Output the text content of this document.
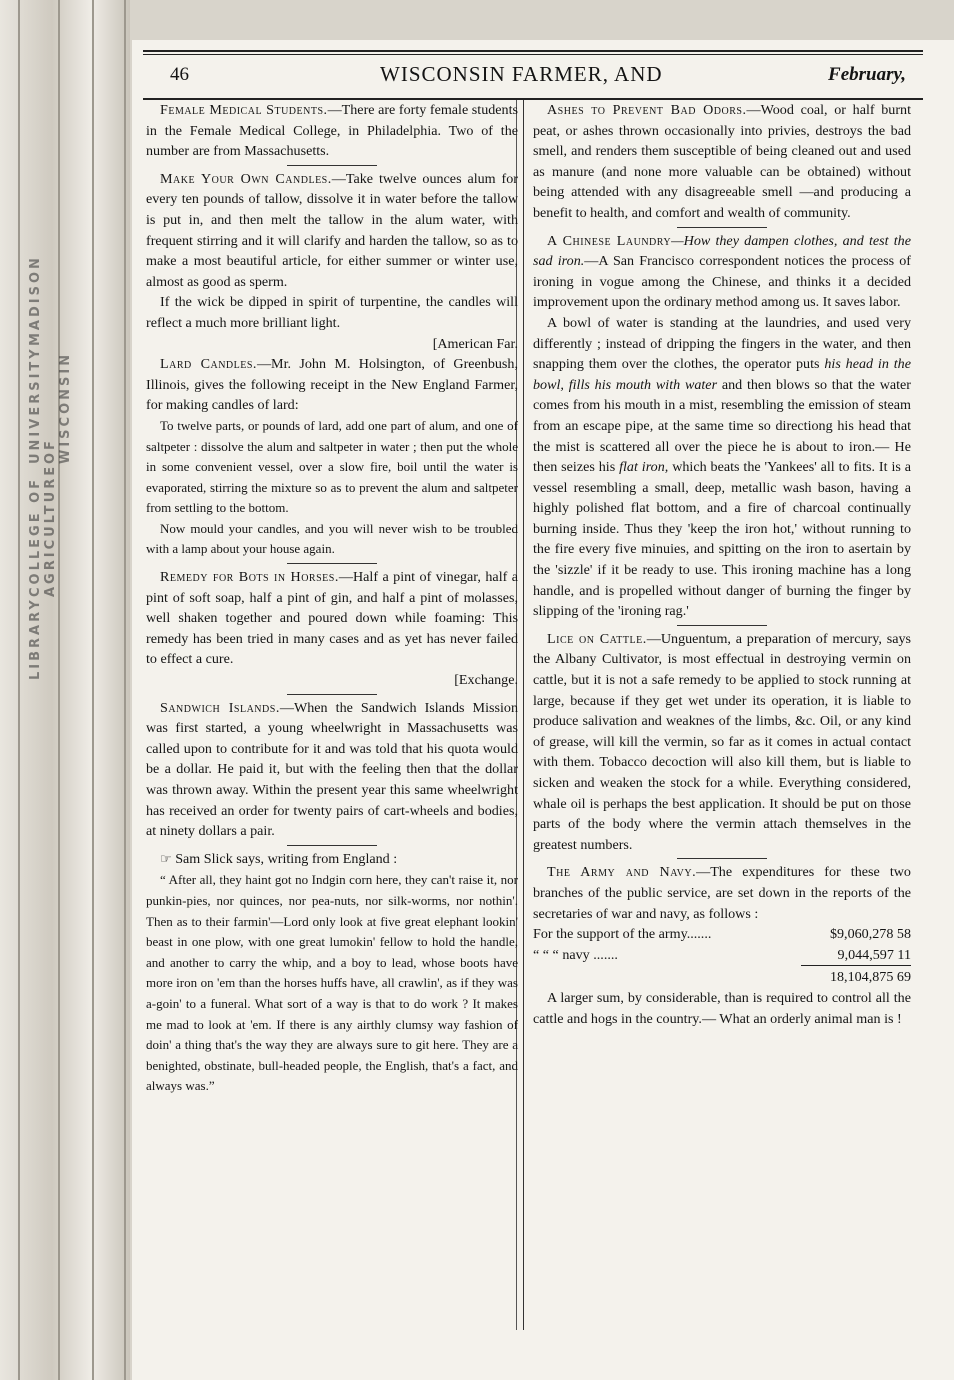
LIBRARY
COLLEGE OF AGRICULTURE
UNIVERSITY OF WISCONSIN
MADISON
46	WISCONSIN FARMER, AND	February,

Female Medical Students.—There are forty female students in the Female Medical College, in Philadelphia. Two of the number are from Massachusetts.

Make Your Own Candles.—Take twelve ounces alum for every ten pounds of tallow, dissolve it in water before the tallow is put in, and then melt the tallow in the alum water, with frequent stirring and it will clarify and harden the tallow, so as to make a most beautiful article, for either summer or winter use, almost as good as sperm.

If the wick be dipped in spirit of turpentine, the candles will reflect a much more brilliant light.

[American Far.

Lard Candles.—Mr. John M. Holsington, of Greenbush, Illinois, gives the following receipt in the New England Farmer, for making candles of lard:

To twelve parts, or pounds of lard, add one part of alum, and one of saltpeter : dissolve the alum and saltpeter in water ; then put the whole in some convenient vessel, over a slow fire, boil until the water is evaporated, stirring the mixture so as to prevent the alum and saltpeter from settling to the bottom.

Now mould your candles, and you will never wish to be troubled with a lamp about your house again.

Remedy for Bots in Horses.—Half a pint of vinegar, half a pint of soft soap, half a pint of gin, and half a pint of molasses, well shaken together and poured down while foaming: This remedy has been tried in many cases and as yet has never failed to effect a cure.

[Exchange.

Sandwich Islands.—When the Sandwich Islands Mission was first started, a young wheelwright in Massachusetts was called upon to contribute for it and was told that his quota would be a dollar. He paid it, but with the feeling then that the dollar was thrown away. Within the present year this same wheelwright has received an order for twenty pairs of cart-wheels and bodies, at ninety dollars a pair.

☞ Sam Slick says, writing from England :

“ After all, they haint got no Indgin corn here, they can't raise it, nor punkin-pies, nor quinces, nor pea-nuts, nor silk-worms, nor nothin'. Then as to their farmin'—Lord only look at five great elephant lookin' beast in one plow, with one great lumokin' fellow to hold the handle, and another to carry the whip, and a boy to lead, whose boots have more iron on 'em than the horses huffs have, all crawlin', as if they was a-goin' to a funeral. What sort of a way is that to do work ? It makes me mad to look at 'em. If there is any airthly clumsy way fashion of doin' a thing that's the way they are always sure to git here. They are a benighted, obstinate, bull-headed people, the English, that's a fact, and always was.”

Ashes to Prevent Bad Odors.—Wood coal, or half burnt peat, or ashes thrown occasionally into privies, destroys the bad smell, and renders them susceptible of being cleaned out and used as manure (and none more valuable can be obtained) without being attended with any disagreeable smell —and producing a benefit to health, and comfort and wealth of community.

A Chinese Laundry—How they dampen clothes, and test the sad iron.—A San Francisco correspondent notices the process of ironing in vogue among the Chinese, and thinks it a decided improvement upon the ordinary method among us. It saves labor.

A bowl of water is standing at the laundries, and used very differently ; instead of dripping the fingers in the water, and then snapping them over the clothes, the operator puts his head in the bowl, fills his mouth with water and then blows so that the water comes from his mouth in a mist, resembling the emission of steam from an escape pipe, at the same time so directiong his head that the mist is scattered all over the piece he is about to iron.— He then seizes his flat iron, which beats the 'Yankees' all to fits. It is a vessel resembling a small, deep, metallic wash bason, having a highly polished flat bottom, and a fire of charcoal continually burning inside. Thus they 'keep the iron hot,' without running to the fire every five minuies, and spitting on the iron to asertain by the 'sizzle' if it be ready to use. This ironing machine has a long handle, and is propelled without danger of burning the finger by slipping of the 'ironing rag.'

Lice on Cattle.—Unguentum, a preparation of mercury, says the Albany Cultivator, is most effectual in destroying vermin on cattle, but it is not a safe remedy to be applied to stock running at large, because if they get wet under its operation, it is liable to produce salivation and weaknes of the limbs, &c. Oil, or any kind of grease, will kill the vermin, so far as it comes in actual contact with them. Tobacco decoction will also kill them, but is liable to sicken and weaken the stock for a while. Everything considered, whale oil is perhaps the best application. It should be put on those parts of the body where the vermin attach themselves in the greatest numbers.

The Army and Navy.—The expenditures for these two branches of the public service, are set down in the reports of the secretaries of war and navy, as follows :

For the support of the army.......	$9,060,278 58
“ “ “ navy .......	9,044,597 11
18,104,875 69

A larger sum, by considerable, than is required to control all the cattle and hogs in the country.— What an orderly animal man is !
